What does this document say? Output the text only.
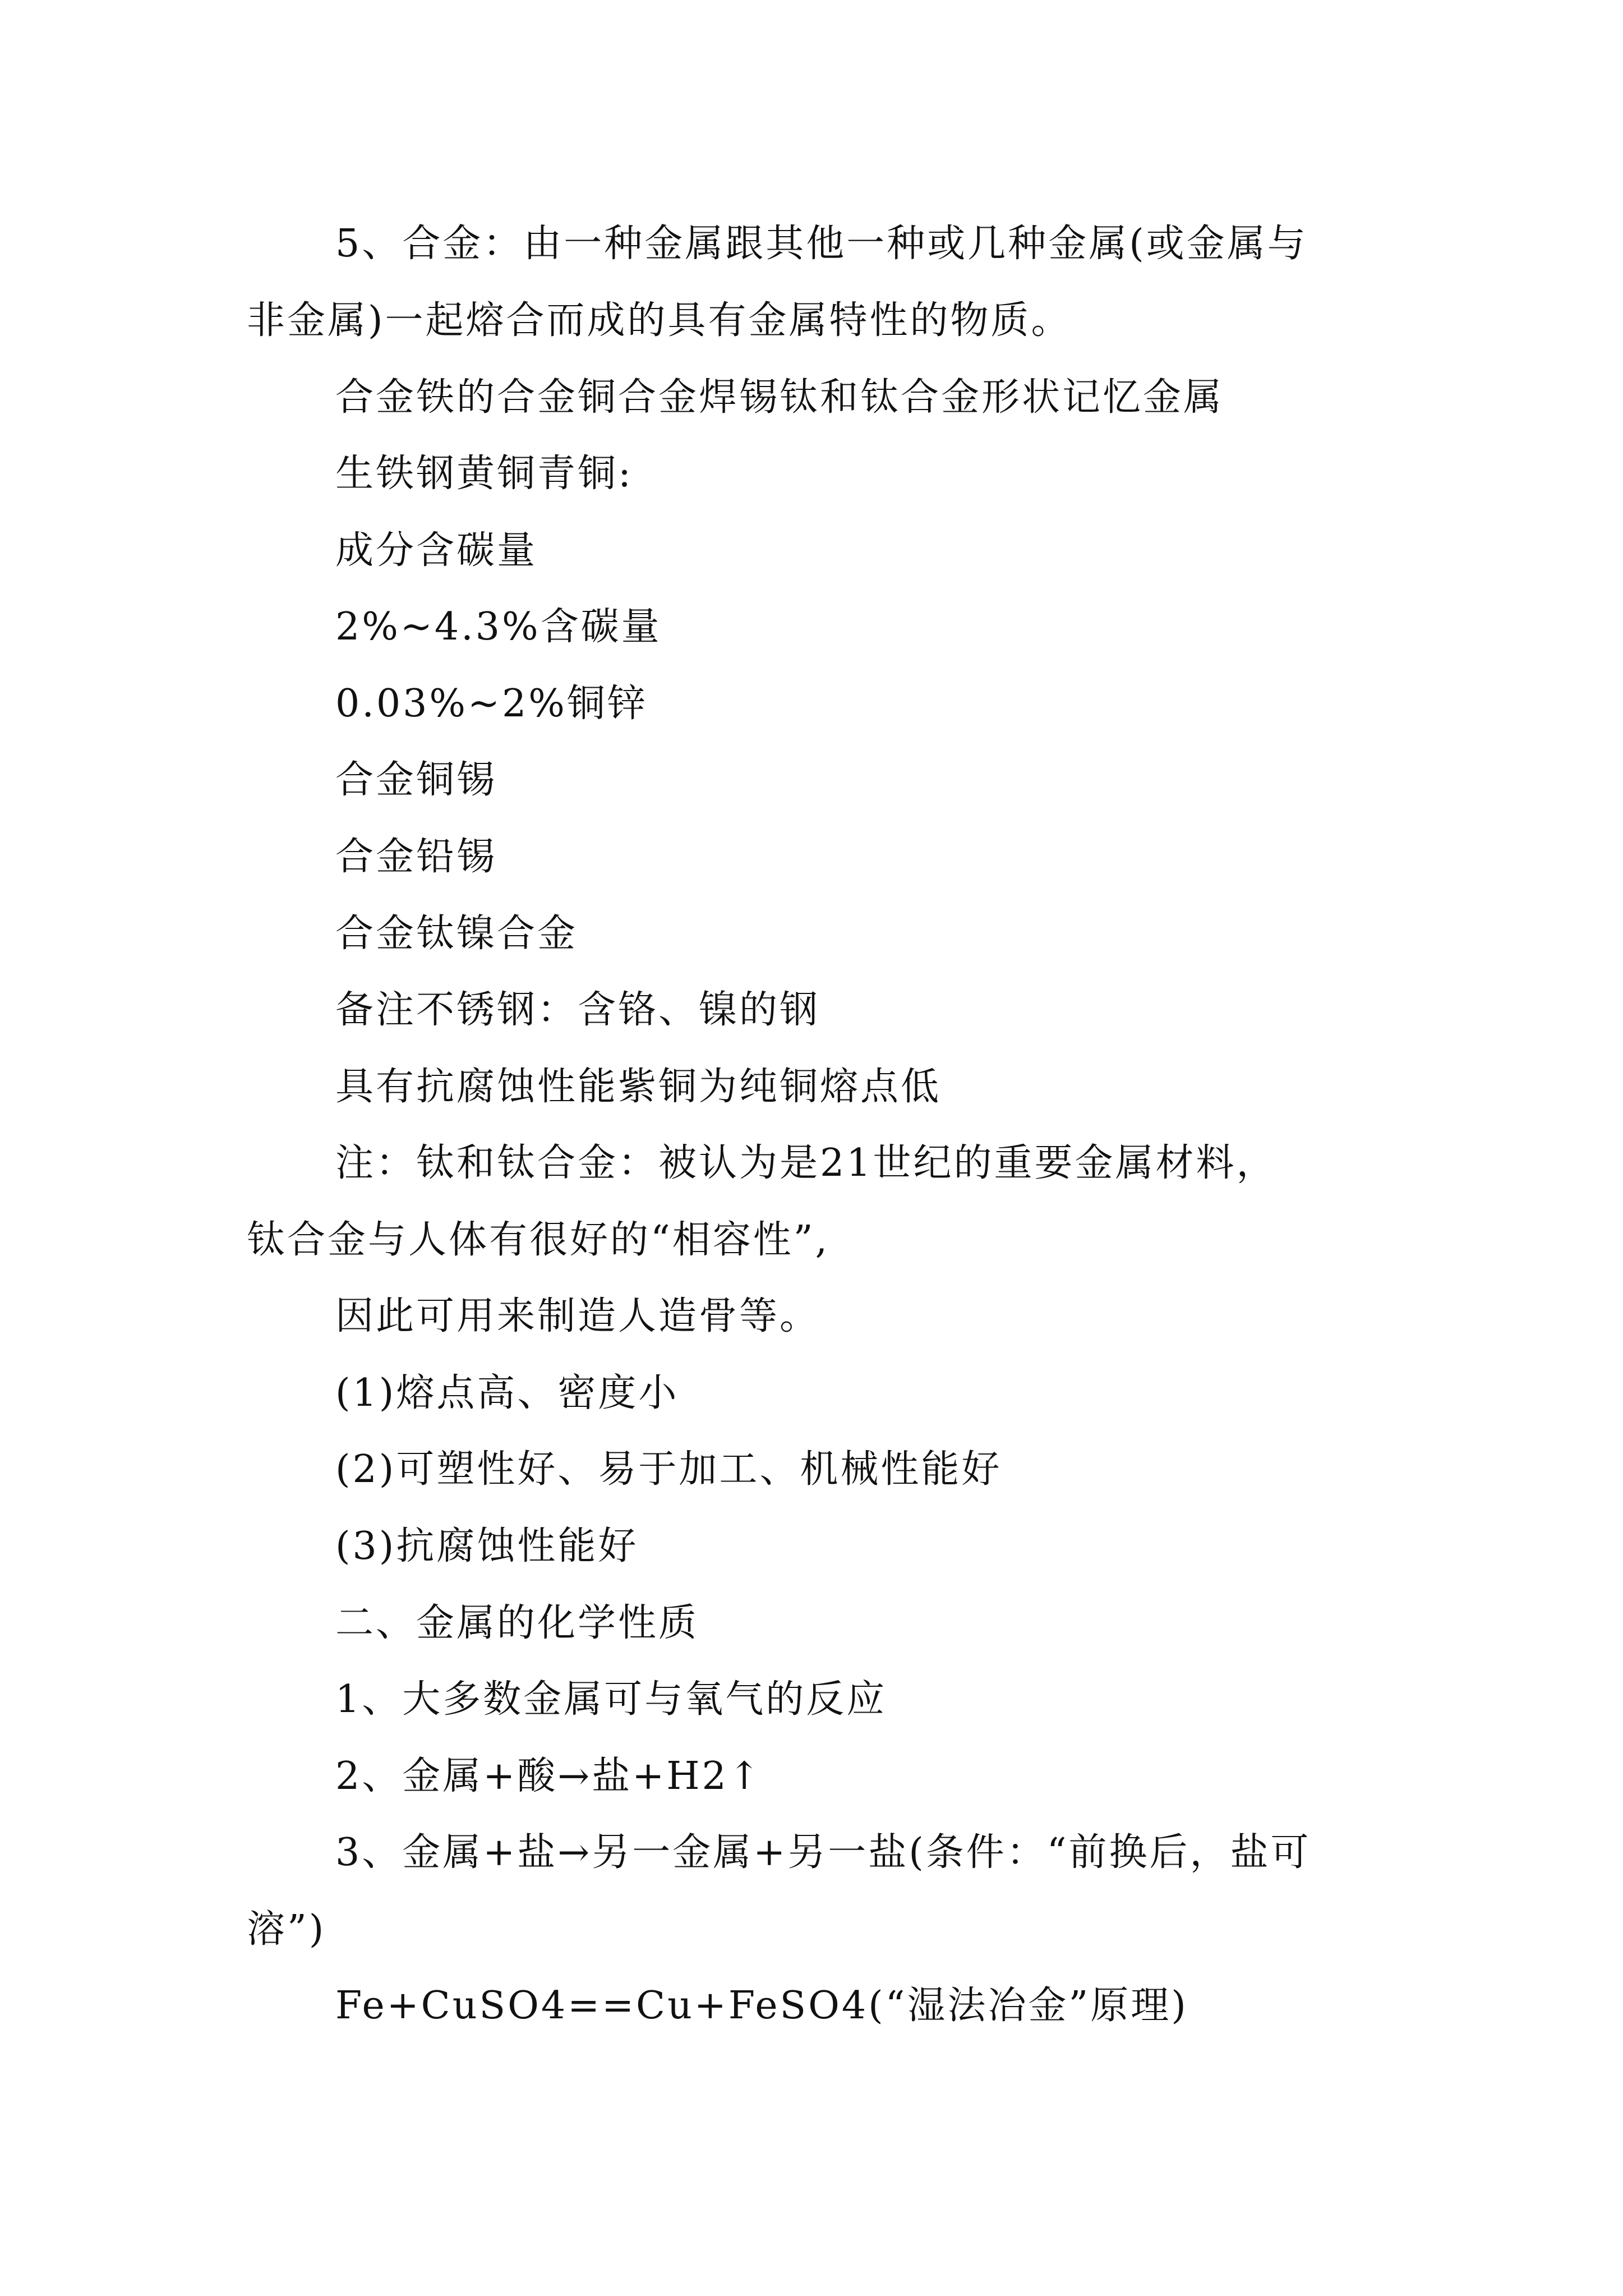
5、合金：由一种金属跟其他一种或几种金属(或金属与
非金属)一起熔合而成的具有金属特性的物质。
合金铁的合金铜合金焊锡钛和钛合金形状记忆金属
生铁钢黄铜青铜:
成分含碳量
2%~4.3%含碳量
0.03%~2%铜锌
合金铜锡
合金铅锡
合金钛镍合金
备注不锈钢：含铬、镍的钢
具有抗腐蚀性能紫铜为纯铜熔点低
注：钛和钛合金：被认为是21世纪的重要金属材料，
钛合金与人体有很好的“相容性”,
因此可用来制造人造骨等。
(1)熔点高、密度小
(2)可塑性好、易于加工、机械性能好
(3)抗腐蚀性能好
二、金属的化学性质
1、大多数金属可与氧气的反应
2、金属+酸→盐+H2↑
3、金属+盐→另一金属+另一盐(条件：“前换后，盐可
溶”)
Fe+CuSO4==Cu+FeSO4(“湿法冶金”原理)
